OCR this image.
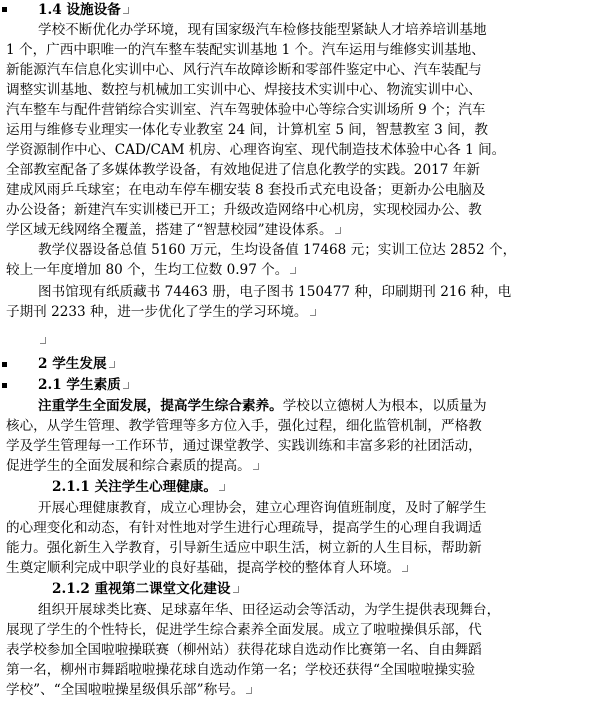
1.4 设施设备
学校不断优化办学环境，现有国家级汽车检修技能型紧缺人才培养培训基地
1 个，广西中职唯一的汽车整车装配实训基地 1 个。汽车运用与维修实训基地、
新能源汽车信息化实训中心、风行汽车故障诊断和零部件鉴定中心、汽车装配与
调整实训基地、数控与机械加工实训中心、焊接技术实训中心、物流实训中心、
汽车整车与配件营销综合实训室、汽车驾驶体验中心等综合实训场所 9 个；汽车
运用与维修专业理实一体化专业教室 24 间，计算机室 5 间，智慧教室 3 间，教
学资源制作中心、CAD/CAM 机房、心理咨询室、现代制造技术体验中心各 1 间。
全部教室配备了多媒体教学设备，有效地促进了信息化教学的实践。2017 年新
建成风雨乒乓球室；在电动车停车棚安装 8 套投币式充电设备；更新办公电脑及
办公设备；新建汽车实训楼已开工；升级改造网络中心机房，实现校园办公、教
学区域无线网络全覆盖，搭建了“智慧校园”建设体系。
教学仪器设备总值 5160 万元，生均设备值 17468 元；实训工位达 2852 个，
较上一年度增加 80 个，生均工位数 0.97 个。
图书馆现有纸质藏书 74463 册，电子图书 150477 种，印刷期刊 216 种，电
子期刊 2233 种，进一步优化了学生的学习环境。
2 学生发展
2.1 学生素质
注重学生全面发展，提高学生综合素养。学校以立德树人为根本，以质量为
核心，从学生管理、教学管理等多方位入手，强化过程，细化监管机制，严格教
学及学生管理每一工作环节，通过课堂教学、实践训练和丰富多彩的社团活动，
促进学生的全面发展和综合素质的提高。
2.1.1 关注学生心理健康。
开展心理健康教育，成立心理协会，建立心理咨询值班制度，及时了解学生
的心理变化和动态，有针对性地对学生进行心理疏导，提高学生的心理自我调适
能力。强化新生入学教育，引导新生适应中职生活，树立新的人生目标，帮助新
生奠定顺利完成中职学业的良好基础，提高学校的整体育人环境。
2.1.2 重视第二课堂文化建设
组织开展球类比赛、足球嘉年华、田径运动会等活动，为学生提供表现舞台，
展现了学生的个性特长，促进学生综合素养全面发展。成立了啦啦操俱乐部，代
表学校参加全国啦啦操联赛（柳州站）获得花球自选动作比赛第一名、自由舞蹈
第一名，柳州市舞蹈啦啦操花球自选动作第一名；学校还获得“全国啦啦操实验
学校”、“全国啦啦操星级俱乐部”称号。
